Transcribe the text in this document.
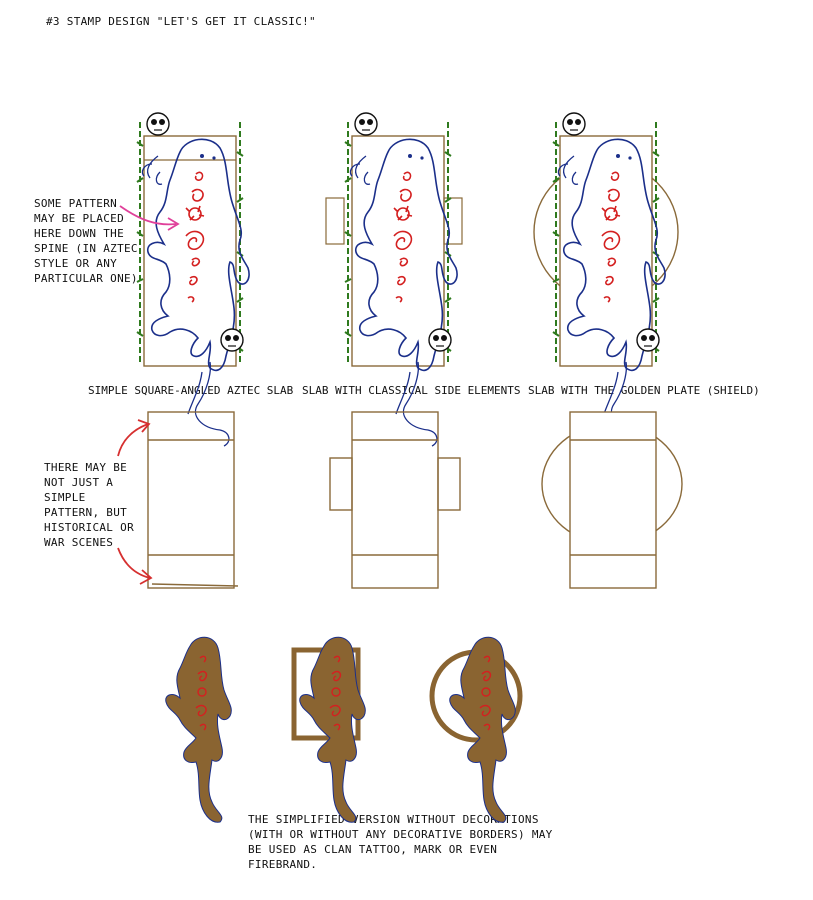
#3 STAMP DESIGN "LET'S GET IT CLASSIC!"
SOME PATTERN MAY BE PLACED HERE DOWN THE SPINE (IN AZTEC STYLE OR ANY PARTICULAR ONE)
THERE MAY BE NOT JUST A SIMPLE PATTERN, BUT HISTORICAL OR WAR SCENES
THE SIMPLIFIED VERSION WITHOUT DECORATIONS (WITH OR WITHOUT ANY DECORATIVE BORDERS) MAY BE USED AS CLAN TATTOO, MARK OR EVEN FIREBRAND.
SIMPLE SQUARE-ANGLED AZTEC SLAB SLAB WITH CLASSICAL SIDE ELEMENTS SLAB WITH THE GOLDEN PLATE (SHIELD)
